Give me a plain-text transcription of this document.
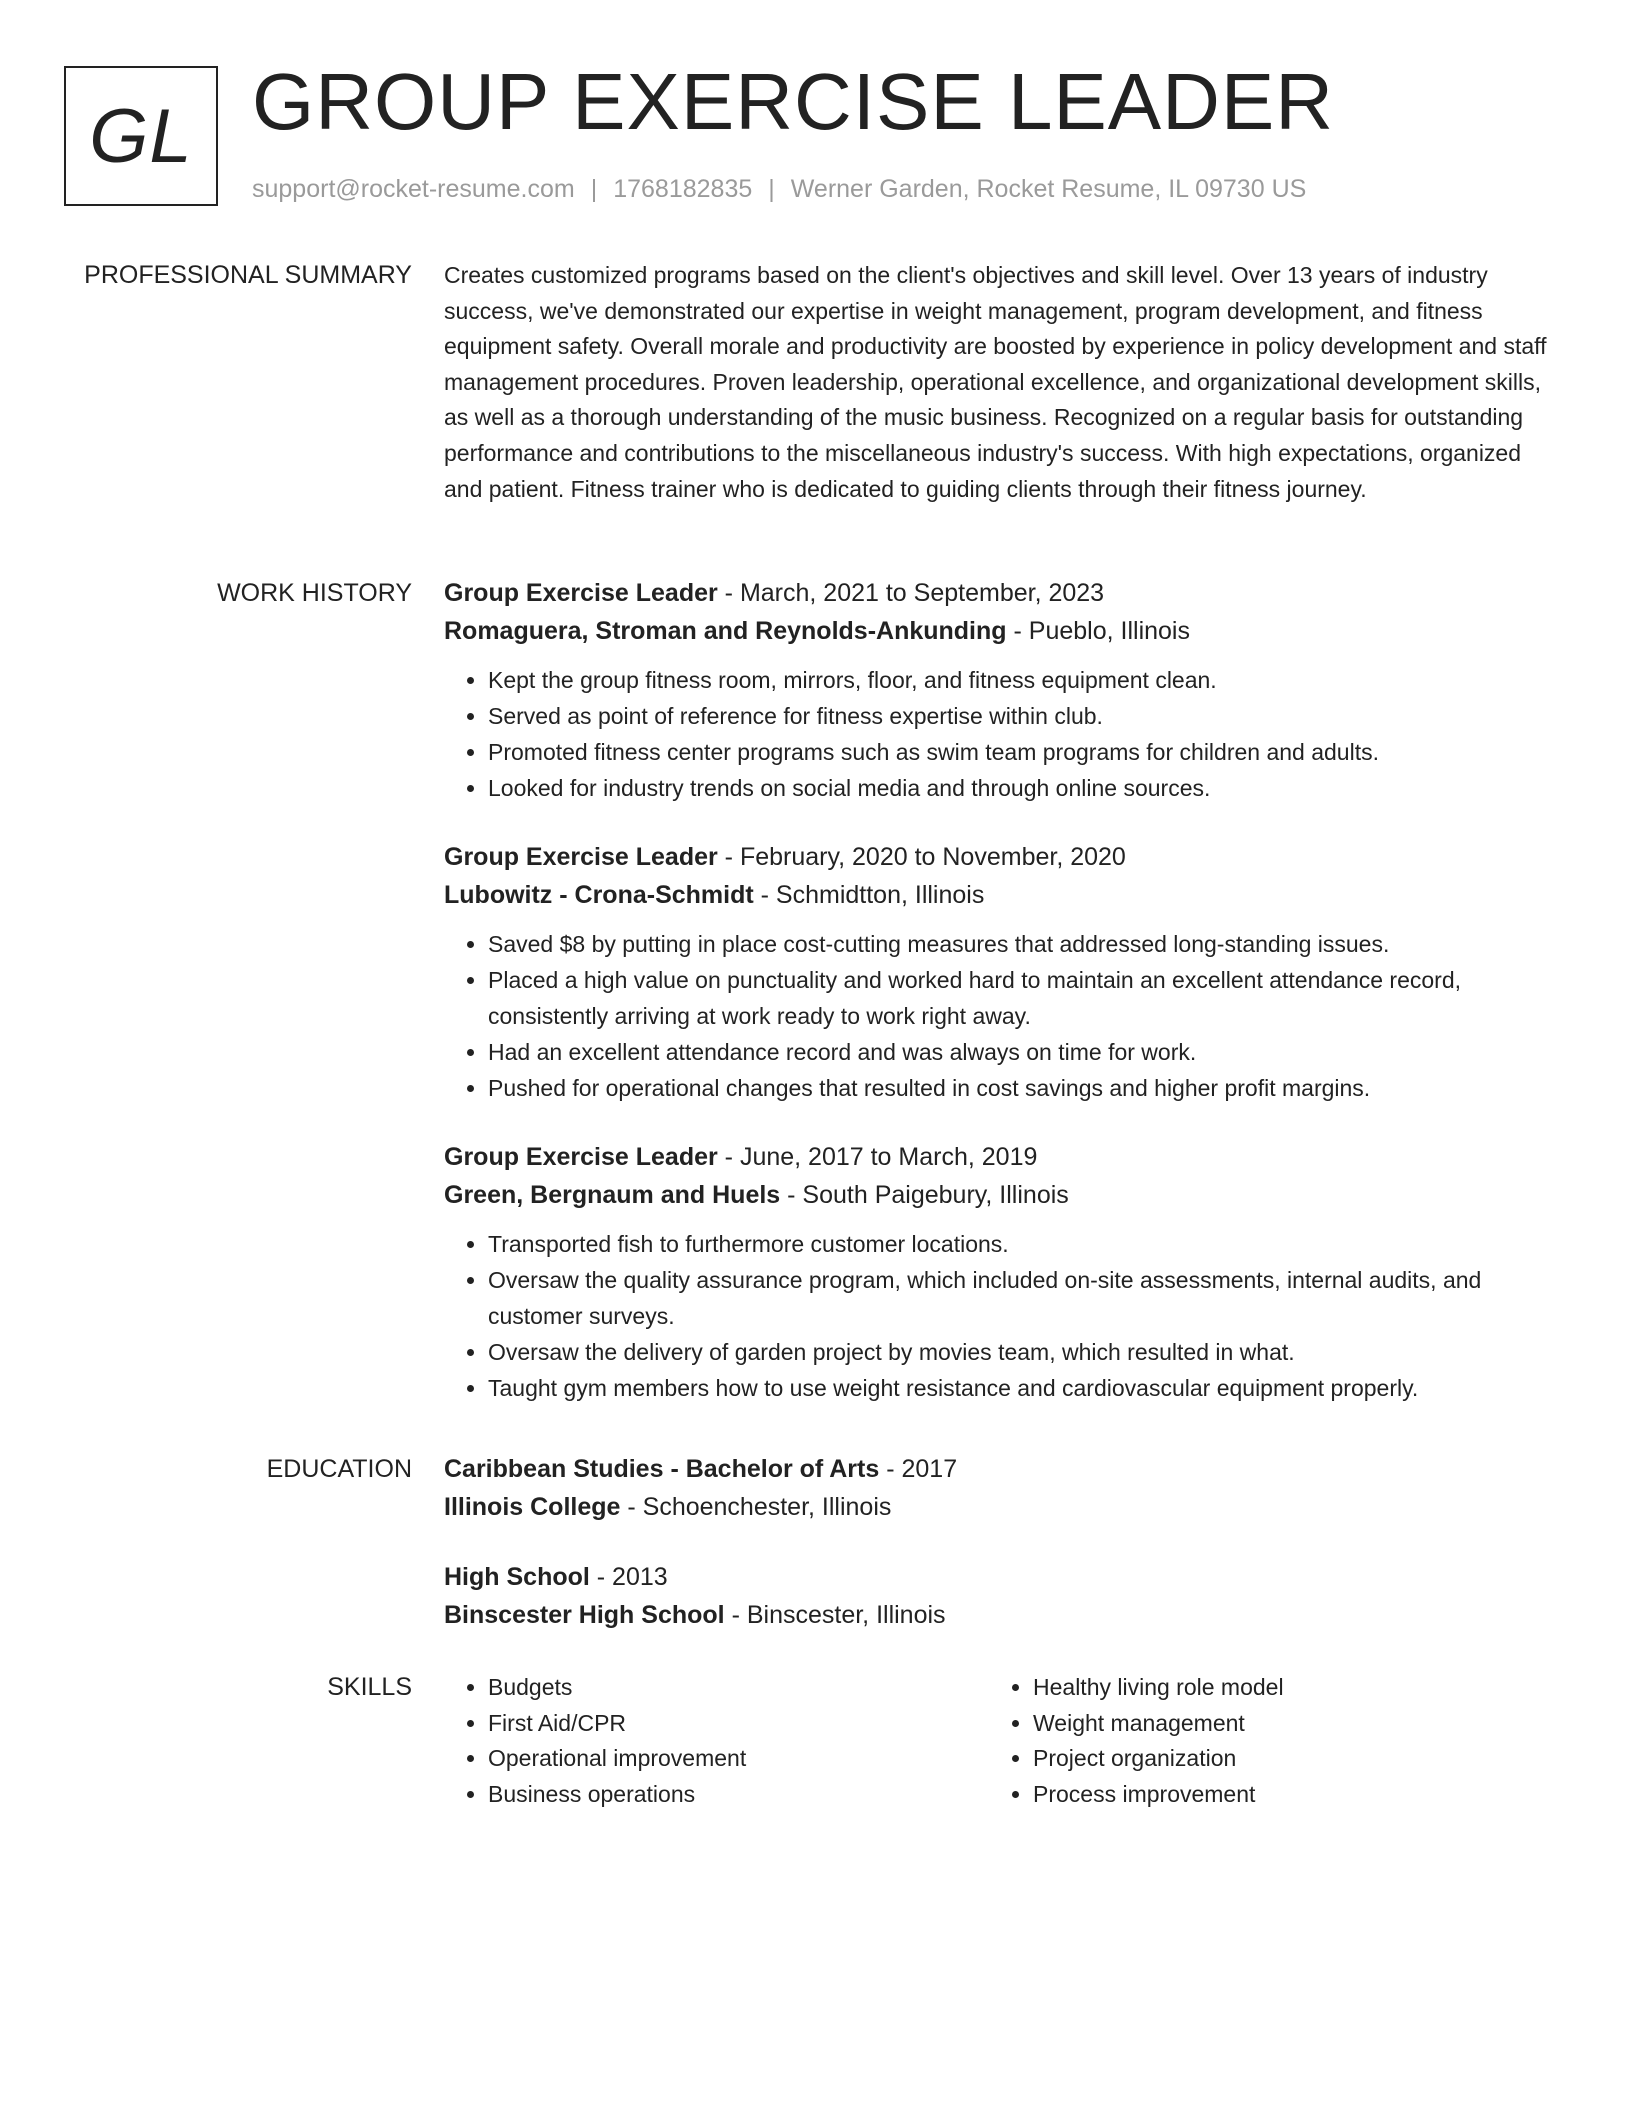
GL GROUP EXERCISE LEADER
support@rocket-resume.com | 1768182835 | Werner Garden, Rocket Resume, IL 09730 US
PROFESSIONAL SUMMARY Creates customized programs based on the client's objectives and skill level. Over 13 years of industry success, we've demonstrated our expertise in weight management, program development, and fitness equipment safety. Overall morale and productivity are boosted by experience in policy development and staff management procedures. Proven leadership, operational excellence, and organizational development skills, as well as a thorough understanding of the music business. Recognized on a regular basis for outstanding performance and contributions to the miscellaneous industry's success. With high expectations, organized and patient. Fitness trainer who is dedicated to guiding clients through their fitness journey.

WORK HISTORY Group Exercise Leader - March, 2021 to September, 2023
Romaguera, Stroman and Reynolds-Ankunding - Pueblo, Illinois
• Kept the group fitness room, mirrors, floor, and fitness equipment clean.
• Served as point of reference for fitness expertise within club.
• Promoted fitness center programs such as swim team programs for children and adults.
• Looked for industry trends on social media and through online sources.
Group Exercise Leader - February, 2020 to November, 2020
Lubowitz - Crona-Schmidt - Schmidtton, Illinois
• Saved $8 by putting in place cost-cutting measures that addressed long-standing issues.
• Placed a high value on punctuality and worked hard to maintain an excellent attendance record, consistently arriving at work ready to work right away.
• Had an excellent attendance record and was always on time for work.
• Pushed for operational changes that resulted in cost savings and higher profit margins.
Group Exercise Leader - June, 2017 to March, 2019
Green, Bergnaum and Huels - South Paigebury, Illinois
• Transported fish to furthermore customer locations.
• Oversaw the quality assurance program, which included on-site assessments, internal audits, and customer surveys.
• Oversaw the delivery of garden project by movies team, which resulted in what.
• Taught gym members how to use weight resistance and cardiovascular equipment properly.
EDUCATION Caribbean Studies - Bachelor of Arts - 2017
Illinois College - Schoenchester, Illinois
High School - 2013
Binscester High School - Binscester, Illinois
SKILLS
•	Budgets
• First Aid/CPR
• Operational improvement
• Business operations
• Healthy living role model
• Weight management
• Project organization
• Process improvement
